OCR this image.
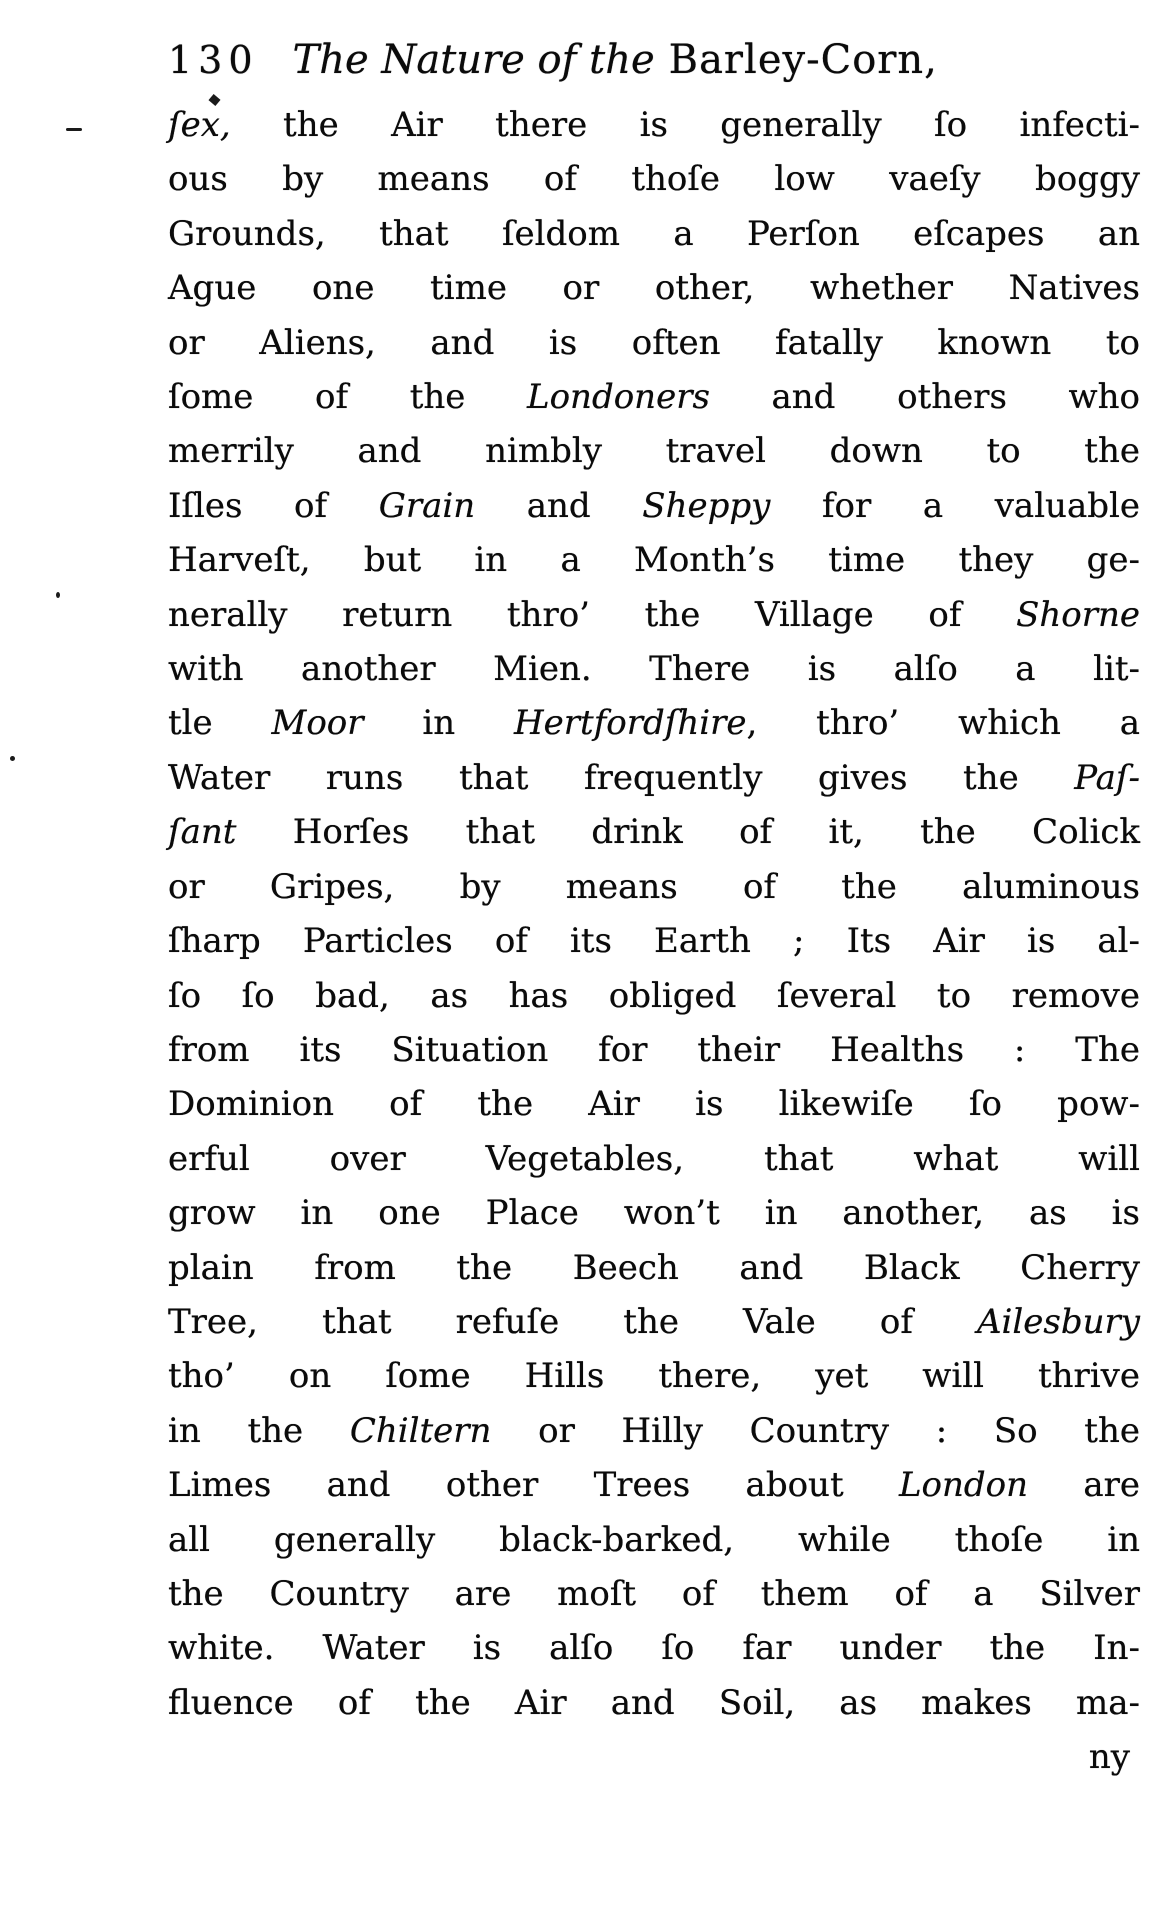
130 The Nature of the Barley-Corn,
ſex, the Air there is generally ſo infecti-
ous by means of thoſe low vaeſy boggy
Grounds, that ſeldom a Perſon eſcapes an
Ague one time or other, whether Natives
or Aliens, and is often fatally known to
ſome of the Londoners and others who
merrily and nimbly travel down to the
Iſles of Grain and Sheppy for a valuable
Harveſt, but in a Month’s time they ge-
nerally return thro’ the Village of Shorne
with another Mien. There is alſo a lit-
tle Moor in Hertfordſhire, thro’ which a
Water runs that frequently gives the Paſ-
ſant Horſes that drink of it, the Colick
or Gripes, by means of the aluminous
ſharp Particles of its Earth ; Its Air is al-
ſo ſo bad, as has obliged ſeveral to remove
from its Situation for their Healths : The
Dominion of the Air is likewiſe ſo pow-
erful over Vegetables, that what will
grow in one Place won’t in another, as is
plain from the Beech and Black Cherry
Tree, that refuſe the Vale of Ailesbury
tho’ on ſome Hills there, yet will thrive
in the Chiltern or Hilly Country : So the
Limes and other Trees about London are
all generally black-barked, while thoſe in
the Country are moſt of them of a Silver
white. Water is alſo ſo far under the In-
fluence of the Air and Soil, as makes ma-
ny
